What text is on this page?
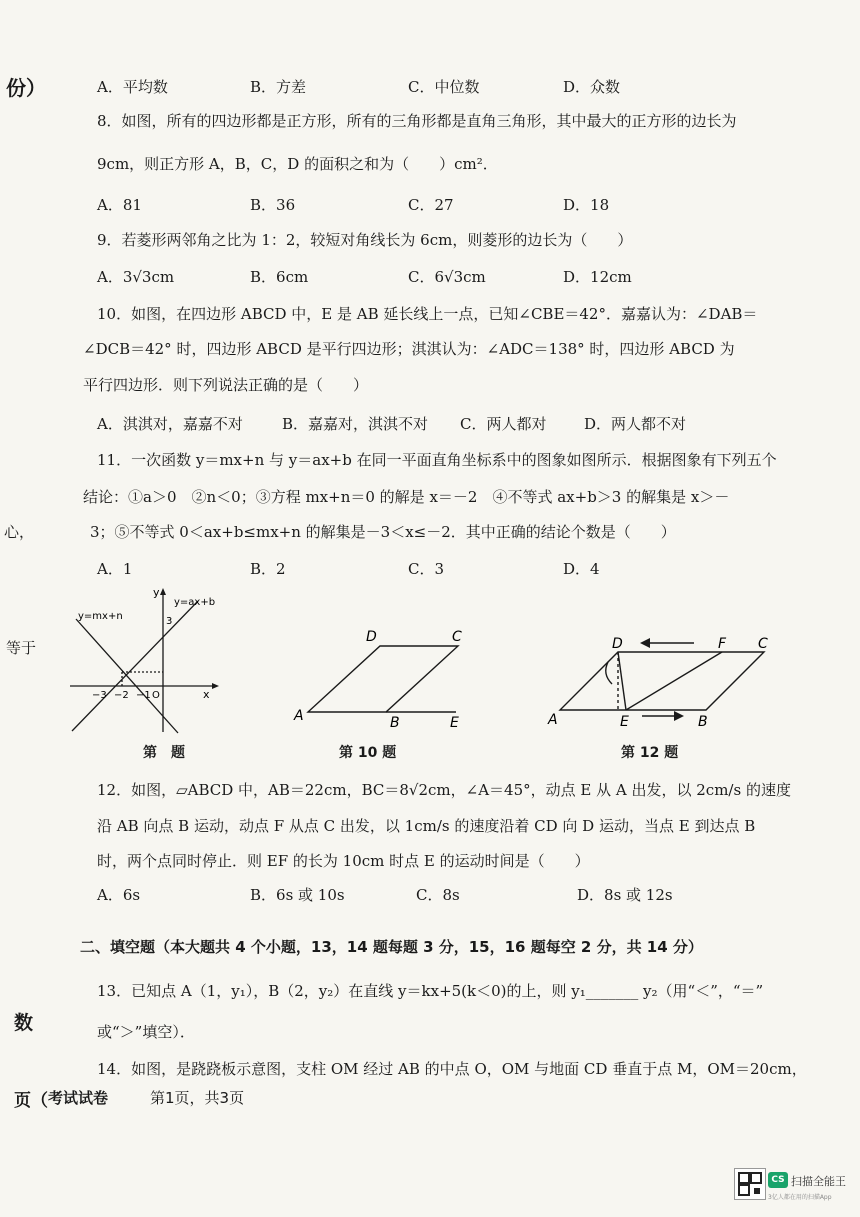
份）
心，
等于
数
页（
A．平均数	B．方差	C．中位数	D．众数
8．如图，所有的四边形都是正方形，所有的三角形都是直角三角形，其中最大的正方形的边长为
9cm，则正方形 A，B，C，D 的面积之和为（　　）cm²．
A．81	B．36	C．27	D．18
9．若菱形两邻角之比为 1：2，较短对角线长为 6cm，则菱形的边长为（　　）
A．3√3cm	B．6cm	C．6√3cm	D．12cm
10．如图，在四边形 ABCD 中，E 是 AB 延长线上一点，已知∠CBE＝42°．嘉嘉认为：∠DAB＝
∠DCB＝42° 时，四边形 ABCD 是平行四边形；淇淇认为：∠ADC＝138° 时，四边形 ABCD 为
平行四边形．则下列说法正确的是（　　）
A．淇淇对，嘉嘉不对	B．嘉嘉对，淇淇不对 C．两人都对	D．两人都不对
11．一次函数 y＝mx+n 与 y＝ax+b 在同一平面直角坐标系中的图象如图所示．根据图象有下列五个
结论：①a＞0　②n＜0；③方程 mx+n＝0 的解是 x＝－2　④不等式 ax+b＞3 的解集是 x＞－
3；⑤不等式 0＜ax+b≤mx+n 的解集是－3＜x≤－2．其中正确的结论个数是（　　）
A．1	B．2	C．3	D．4
y=mx+n
y=ax+b
y
x
3
−3 −2 −1 O
第　题
A	B
C
D
E
第 10 题
A	B
C
D
E
F
第 12 题
12．如图，▱ABCD 中，AB＝22cm，BC＝8√2cm，∠A＝45°，动点 E 从 A 出发，以 2cm/s 的速度
沿 AB 向点 B 运动，动点 F 从点 C 出发，以 1cm/s 的速度沿着 CD 向 D 运动，当点 E 到达点 B
时，两个点同时停止．则 EF 的长为 10cm 时点 E 的运动时间是（　　）
A．6s	B．6s 或 10s	C．8s	D．8s 或 12s
二、填空题（本大题共 4 个小题，13，14 题每题 3 分，15，16 题每空 2 分，共 14 分）
13．已知点 A（1，y₁），B（2，y₂）在直线 y＝kx+5(k＜0)的上，则 y₁_______ y₂（用“＜”，“＝”
或“＞”填空）．
14．如图，是跷跷板示意图，支柱 OM 经过 AB 的中点 O，OM 与地面 CD 垂直于点 M，OM＝20cm，
考试试卷	第1页，共3页
CS 扫描全能王
3亿人都在用的扫描App
